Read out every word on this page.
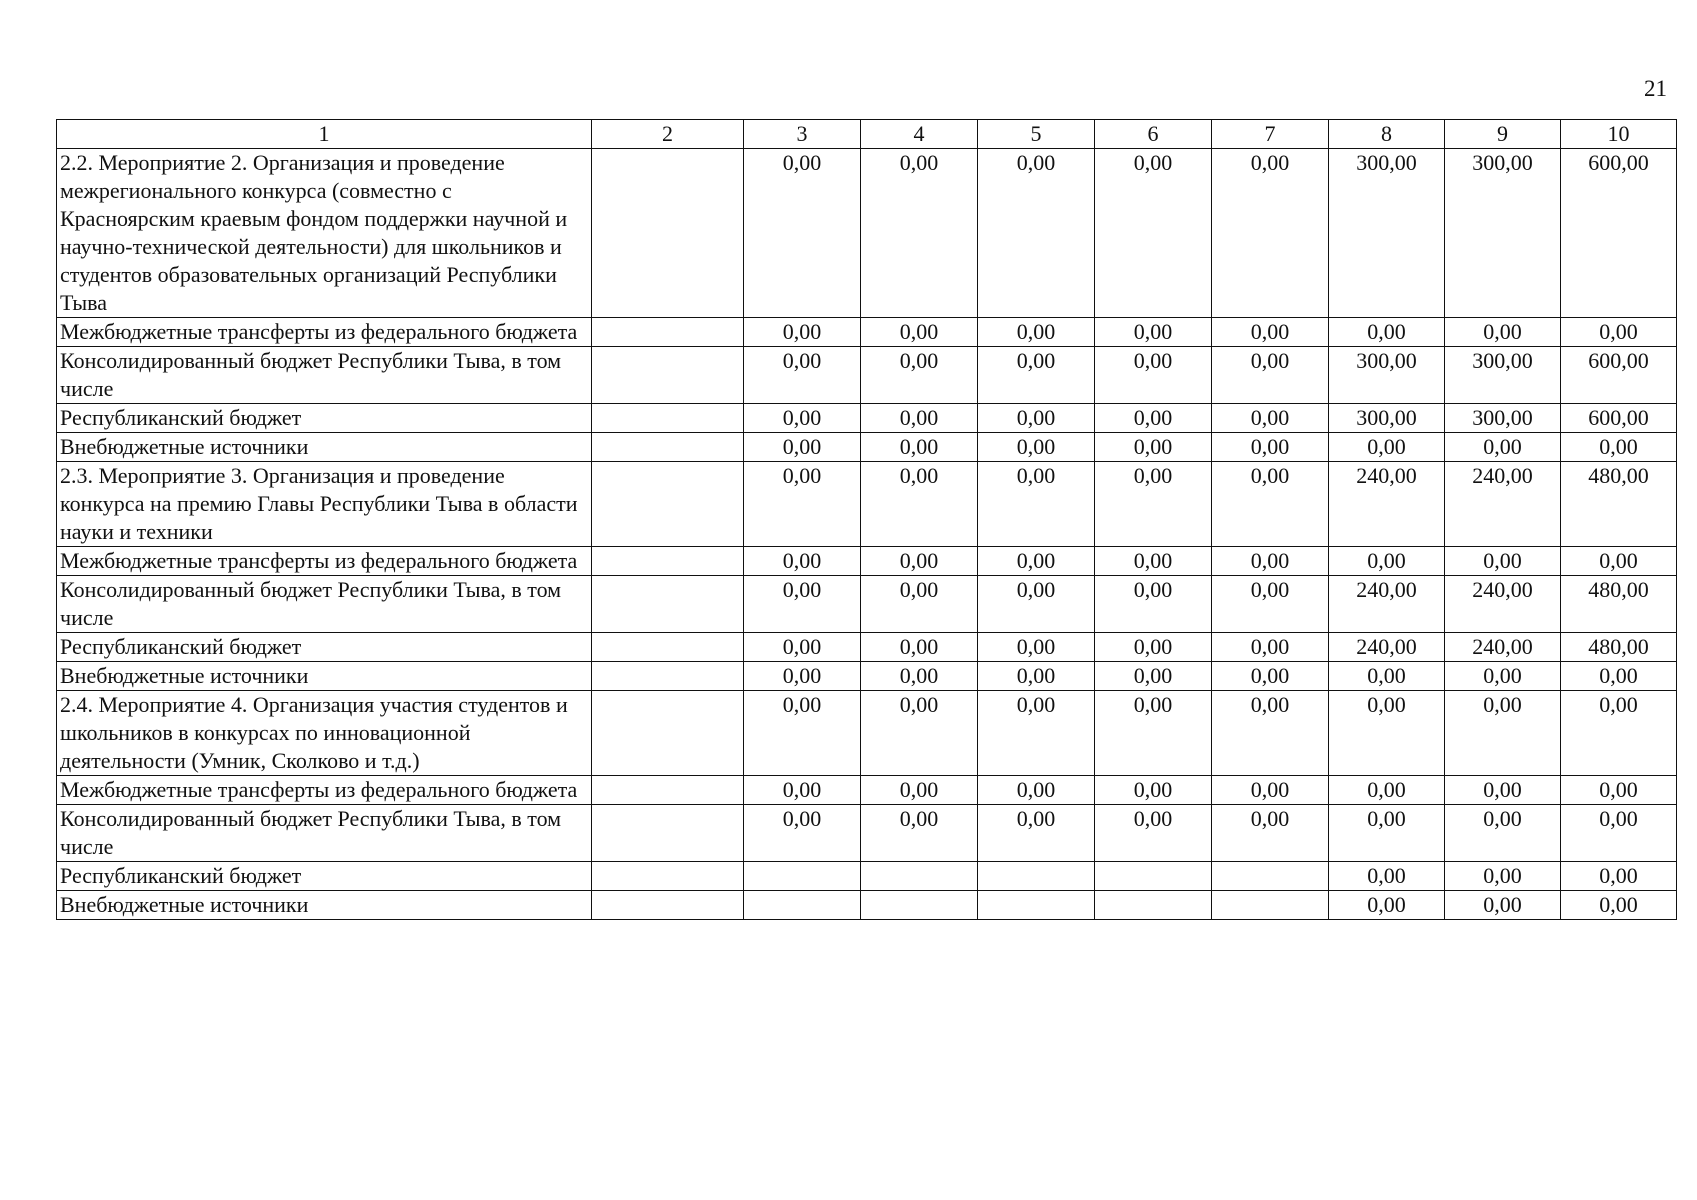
21
1	2	3	4	5	6	7	8	9	10
2.2. Мероприятие 2. Организация и проведение межрегионального конкурса (совместно с Красноярским краевым фондом поддержки научной и научно-технической деятельности) для школьников и студентов образовательных организаций Республики Тыва		0,00	0,00	0,00	0,00	0,00	300,00	300,00	600,00
Межбюджетные трансферты из федерального бюджета		0,00	0,00	0,00	0,00	0,00	0,00	0,00	0,00
Консолидированный бюджет Республики Тыва, в том числе		0,00	0,00	0,00	0,00	0,00	300,00	300,00	600,00
Республиканский бюджет		0,00	0,00	0,00	0,00	0,00	300,00	300,00	600,00
Внебюджетные источники		0,00	0,00	0,00	0,00	0,00	0,00	0,00	0,00
2.3. Мероприятие 3. Организация и проведение конкурса на премию Главы Республики Тыва в области науки и техники		0,00	0,00	0,00	0,00	0,00	240,00	240,00	480,00
Межбюджетные трансферты из федерального бюджета		0,00	0,00	0,00	0,00	0,00	0,00	0,00	0,00
Консолидированный бюджет Республики Тыва, в том числе		0,00	0,00	0,00	0,00	0,00	240,00	240,00	480,00
Республиканский бюджет		0,00	0,00	0,00	0,00	0,00	240,00	240,00	480,00
Внебюджетные источники		0,00	0,00	0,00	0,00	0,00	0,00	0,00	0,00
2.4. Мероприятие 4. Организация участия студентов и школьников в конкурсах по инновационной деятельности (Умник, Сколково и т.д.)		0,00	0,00	0,00	0,00	0,00	0,00	0,00	0,00
Межбюджетные трансферты из федерального бюджета		0,00	0,00	0,00	0,00	0,00	0,00	0,00	0,00
Консолидированный бюджет Республики Тыва, в том числе		0,00	0,00	0,00	0,00	0,00	0,00	0,00	0,00
Республиканский бюджет							0,00	0,00	0,00
Внебюджетные источники							0,00	0,00	0,00
